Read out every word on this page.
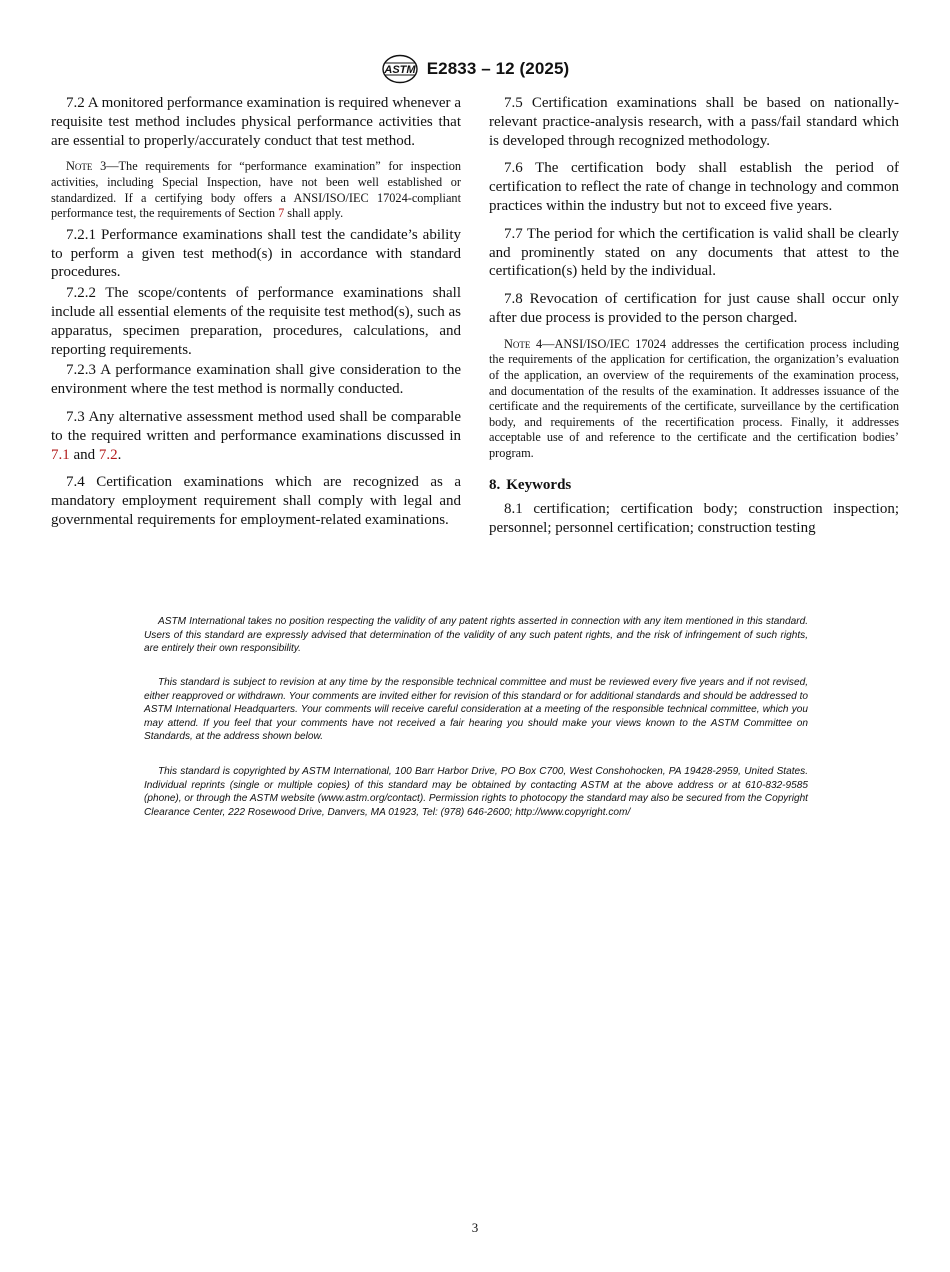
ASTM E2833 – 12 (2025)

7.2 A monitored performance examination is required whenever a requisite test method includes physical performance activities that are essential to properly/accurately conduct that test method.

Note 3—The requirements for “performance examination” for inspection activities, including Special Inspection, have not been well established or standardized. If a certifying body offers a ANSI/ISO/IEC 17024-compliant performance test, the requirements of Section 7 shall apply.

7.2.1 Performance examinations shall test the candidate’s ability to perform a given test method(s) in accordance with standard procedures.

7.2.2 The scope/contents of performance examinations shall include all essential elements of the requisite test method(s), such as apparatus, specimen preparation, procedures, calculations, and reporting requirements.

7.2.3 A performance examination shall give consideration to the environment where the test method is normally conducted.

7.3 Any alternative assessment method used shall be comparable to the required written and performance examinations discussed in 7.1 and 7.2.

7.4 Certification examinations which are recognized as a mandatory employment requirement shall comply with legal and governmental requirements for employment-related examinations.

7.5 Certification examinations shall be based on nationally-relevant practice-analysis research, with a pass/fail standard which is developed through recognized methodology.

7.6 The certification body shall establish the period of certification to reflect the rate of change in technology and common practices within the industry but not to exceed five years.

7.7 The period for which the certification is valid shall be clearly and prominently stated on any documents that attest to the certification(s) held by the individual.

7.8 Revocation of certification for just cause shall occur only after due process is provided to the person charged.

Note 4—ANSI/ISO/IEC 17024 addresses the certification process including the requirements of the application for certification, the organization’s evaluation of the application, an overview of the requirements of the examination process, and documentation of the results of the examination. It addresses issuance of the certificate and the requirements of the certificate, surveillance by the certification body, and requirements of the recertification process. Finally, it addresses acceptable use of and reference to the certificate and the certification bodies’ program.

8. Keywords

8.1 certification; certification body; construction inspection; personnel; personnel certification; construction testing

ASTM International takes no position respecting the validity of any patent rights asserted in connection with any item mentioned in this standard. Users of this standard are expressly advised that determination of the validity of any such patent rights, and the risk of infringement of such rights, are entirely their own responsibility.

This standard is subject to revision at any time by the responsible technical committee and must be reviewed every five years and if not revised, either reapproved or withdrawn. Your comments are invited either for revision of this standard or for additional standards and should be addressed to ASTM International Headquarters. Your comments will receive careful consideration at a meeting of the responsible technical committee, which you may attend. If you feel that your comments have not received a fair hearing you should make your views known to the ASTM Committee on Standards, at the address shown below.

This standard is copyrighted by ASTM International, 100 Barr Harbor Drive, PO Box C700, West Conshohocken, PA 19428-2959, United States. Individual reprints (single or multiple copies) of this standard may be obtained by contacting ASTM at the above address or at 610-832-9585 (phone), or through the ASTM website (www.astm.org/contact). Permission rights to photocopy the standard may also be secured from the Copyright Clearance Center, 222 Rosewood Drive, Danvers, MA 01923, Tel: (978) 646-2600; http://www.copyright.com/

3
